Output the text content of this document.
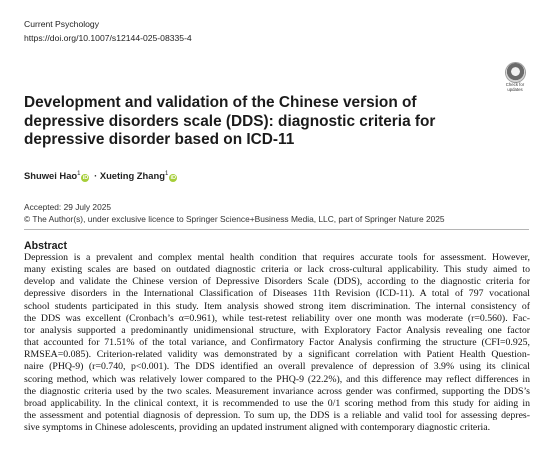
Current Psychology
https://doi.org/10.1007/s12144-025-08335-4
Check for
updates
Development and validation of the Chinese version of depressive disorders scale (DDS): diagnostic criteria for depressive disorder based on ICD-11
Shuwei Hao$^1$iD · Xueting Zhang$^1$iD
Accepted: 29 July 2025
© The Author(s), under exclusive licence to Springer Science+Business Media, LLC, part of Springer Nature 2025
Abstract
Depression is a prevalent and complex mental health condition that requires accurate tools for assessment. However,
many existing scales are based on outdated diagnostic criteria or lack cross-cultural applicability. This study aimed to
develop and validate the Chinese version of Depressive Disorders Scale (DDS), according to the diagnostic criteria for
depressive disorders in the International Classification of Diseases 11th Revision (ICD-11). A total of 797 vocational
school students participated in this study. Item analysis showed strong item discrimination. The internal consistency of
the DDS was excellent (Cronbach’s α=0.961), while test-retest reliability over one month was moderate (r=0.560). Fac-
tor analysis supported a predominantly unidimensional structure, with Exploratory Factor Analysis revealing one factor
that accounted for 71.51% of the total variance, and Confirmatory Factor Analysis confirming the structure (CFI=0.925,
RMSEA=0.085). Criterion-related validity was demonstrated by a significant correlation with Patient Health Question-
naire (PHQ-9) (r=0.740, p<0.001). The DDS identified an overall prevalence of depression of 3.9% using its clinical
scoring method, which was relatively lower compared to the PHQ-9 (22.2%), and this difference may reflect differences in
the diagnostic criteria used by the two scales. Measurement invariance across gender was confirmed, supporting the DDS’s
broad applicability. In the clinical context, it is recommended to use the 0/1 scoring method from this study for aiding in
the assessment and potential diagnosis of depression. To sum up, the DDS is a reliable and valid tool for assessing depres-
sive symptoms in Chinese adolescents, providing an updated instrument aligned with contemporary diagnostic criteria.
